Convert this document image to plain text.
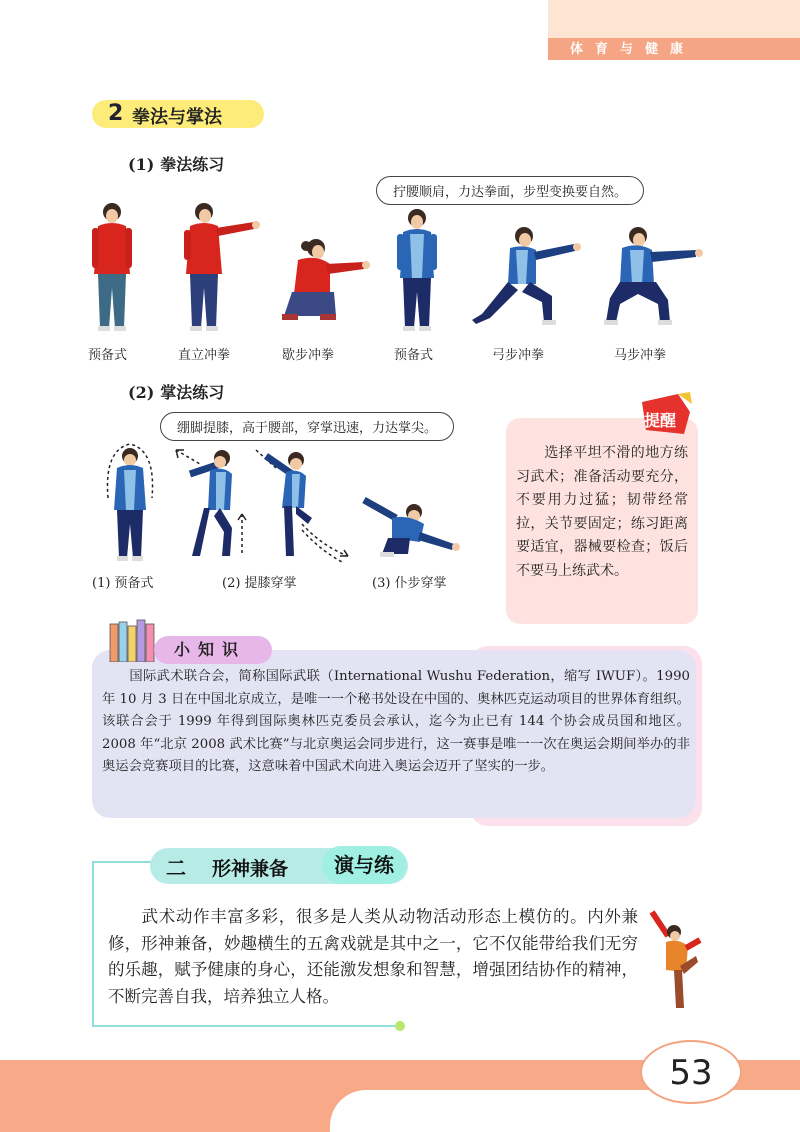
体育与健康
2 拳法与掌法
(1) 拳法练习
拧腰顺肩，力达拳面，步型变换要自然。
预备式	直立冲拳	歇步冲拳	预备式	弓步冲拳	马步冲拳
(2) 掌法练习
绷脚提膝，高于腰部，穿掌迅速，力达掌尖。
(1) 预备式	(2) 提膝穿掌	(3) 仆步穿掌
提醒
选择平坦不滑的地方练习武术；准备活动要充分，不要用力过猛；韧带经常拉，关节要固定；练习距离要适宜，器械要检查；饭后不要马上练武术。
小知识
国际武术联合会，简称国际武联（International Wushu Federation，缩写 IWUF）。1990 年 10 月 3 日在中国北京成立，是唯一一个秘书处设在中国的、奥林匹克运动项目的世界体育组织。该联合会于 1999 年得到国际奥林匹克委员会承认，迄今为止已有 144 个协会成员国和地区。2008 年“北京 2008 武术比赛”与北京奥运会同步进行，这一赛事是唯一一次在奥运会期间举办的非奥运会竞赛项目的比赛，这意味着中国武术向进入奥运会迈开了坚实的一步。
二 形神兼备	演与练
武术动作丰富多彩，很多是人类从动物活动形态上模仿的。内外兼修，形神兼备，妙趣横生的五禽戏就是其中之一，它不仅能带给我们无穷的乐趣，赋予健康的身心，还能激发想象和智慧，增强团结协作的精神，不断完善自我，培养独立人格。
53
